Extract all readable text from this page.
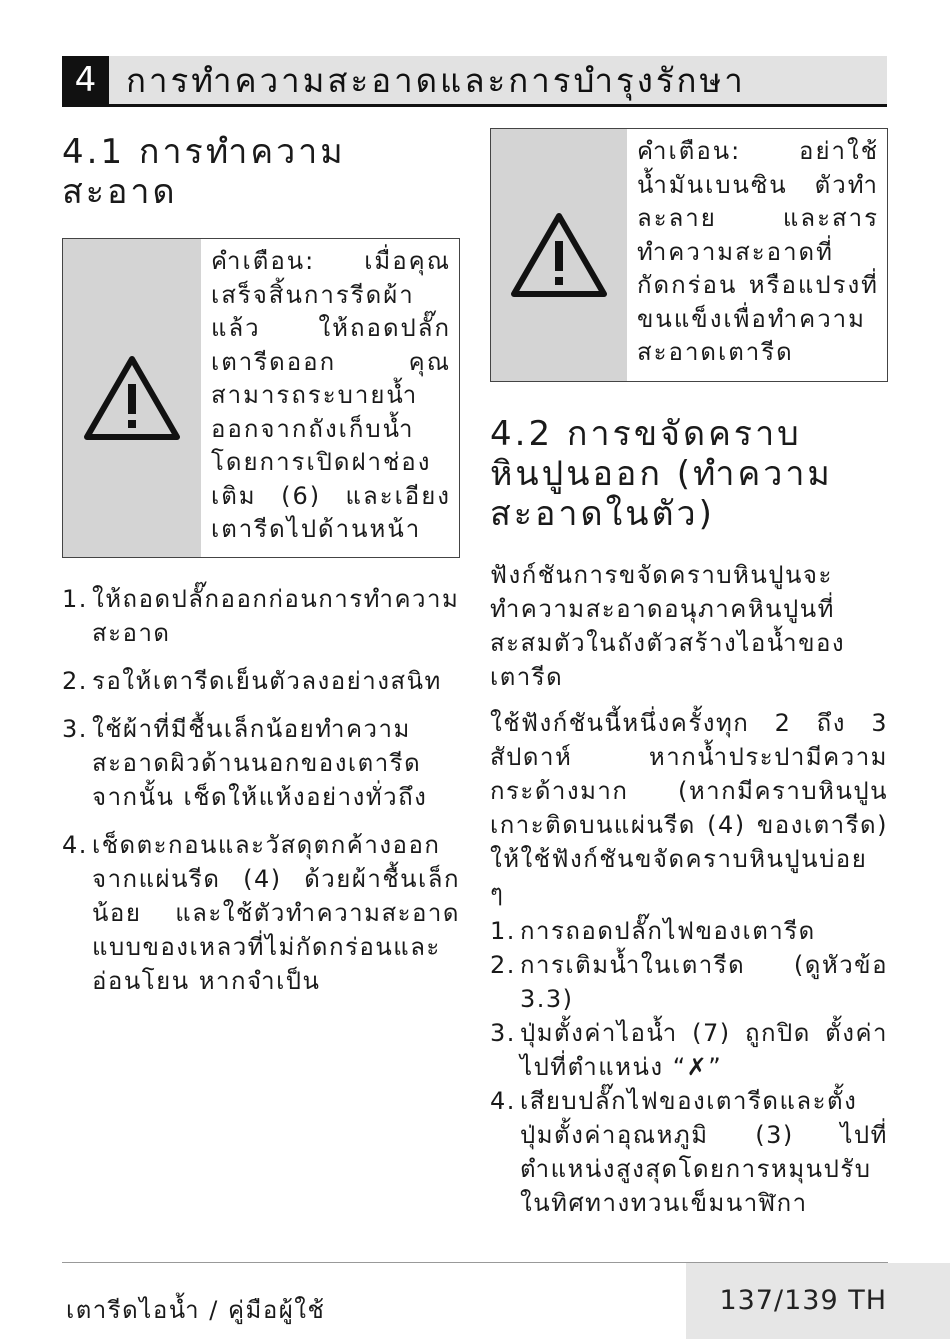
4 การทำความสะอาดและการบำรุงรักษา
4.1 การทำความสะอาด
คำเตือน: เมื่อคุณเสร็จสิ้นการรีดผ้าแล้ว ให้ถอดปลั๊กเตารีดออก คุณสามารถระบายน้ำออกจากถังเก็บน้ำโดยการเปิดฝาช่องเติม (6) และเอียงเตารีดไปด้านหน้า
1. ให้ถอดปลั๊กออกก่อนการทำความสะอาด
2. รอให้เตารีดเย็นตัวลงอย่างสนิท
3. ใช้ผ้าที่มีชื้นเล็กน้อยทำความสะอาดผิวด้านนอกของเตารีด จากนั้น เช็ดให้แห้งอย่างทั่วถึง
4. เช็ดตะกอนและวัสดุตกค้างออกจากแผ่นรีด (4) ด้วยผ้าชื้นเล็กน้อย และใช้ตัวทำความสะอาดแบบของเหลวที่ไม่กัดกร่อนและอ่อนโยน หากจำเป็น
คำเตือน: อย่าใช้น้ำมันเบนซิน ตัวทำละลาย และสารทำความสะอาดที่กัดกร่อน หรือแปรงที่ขนแข็งเพื่อทำความสะอาดเตารีด
4.2 การขจัดคราบหินปูนออก (ทำความสะอาดในตัว)

ฟังก์ชันการขจัดคราบหินปูนจะทำความสะอาดอนุภาคหินปูนที่สะสมตัวในถังตัวสร้างไอน้ำของเตารีด

ใช้ฟังก์ชันนี้หนึ่งครั้งทุก 2 ถึง 3 สัปดาห์ หากน้ำประปามีความกระด้างมาก (หากมีคราบหินปูนเกาะติดบนแผ่นรีด (4) ของเตารีด) ให้ใช้ฟังก์ชันขจัดคราบหินปูนบ่อย ๆ

1. การถอดปลั๊กไฟของเตารีด
2. การเติมน้ำในเตารีด (ดูหัวข้อ 3.3)
3. ปุ่มตั้งค่าไอน้ำ (7) ถูกปิด ตั้งค่าไปที่ตำแหน่ง “✗”
4. เสียบปลั๊กไฟของเตารีดและตั้งปุ่มตั้งค่าอุณหภูมิ (3) ไปที่ตำแหน่งสูงสุดโดยการหมุนปรับในทิศทางทวนเข็มนาฬิกา
เตารีดไอน้ำ / คู่มือผู้ใช้	137/139 TH
